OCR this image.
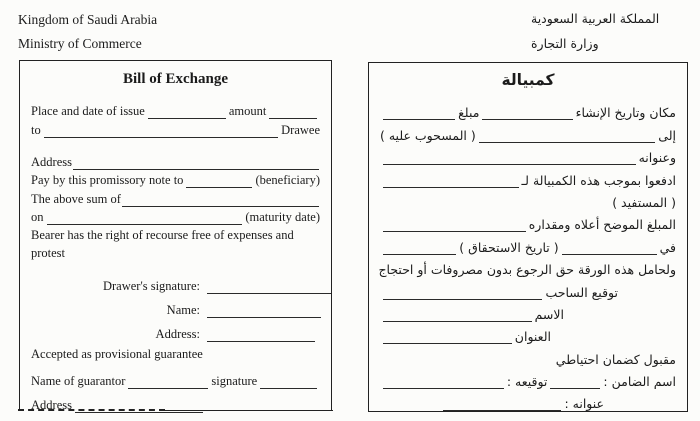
Kingdom of Saudi Arabia
Ministry of Commerce
المملكة العربية السعودية
وزارة التجارة
Bill of Exchange
Place and date of issue	amount
to	Drawee
Address
Pay by this promissory note to	(beneficiary)
The above sum of
on	(maturity date)
Bearer has the right of recourse free of expenses and protest
Drawer's signature:
Name:
Address:
Accepted as provisional guarantee
Name of guarantor	signature
Address
كمبيالة
مكان وتاريخ الإنشاء
مبلغ
إلى
( المسحوب عليه )
وعنوانه
ادفعوا بموجب هذه الكمبيالة لـ
( المستفيد )
المبلغ الموضح أعلاه ومقداره
في
( تاريخ الاستحقاق )
ولحامل هذه الورقة حق الرجوع بدون مصروفات أو احتجاج
توقيع الساحب
الاسم
العنوان
مقبول كضمان احتياطي
اسم الضامن :
توقيعه :
عنوانه :
